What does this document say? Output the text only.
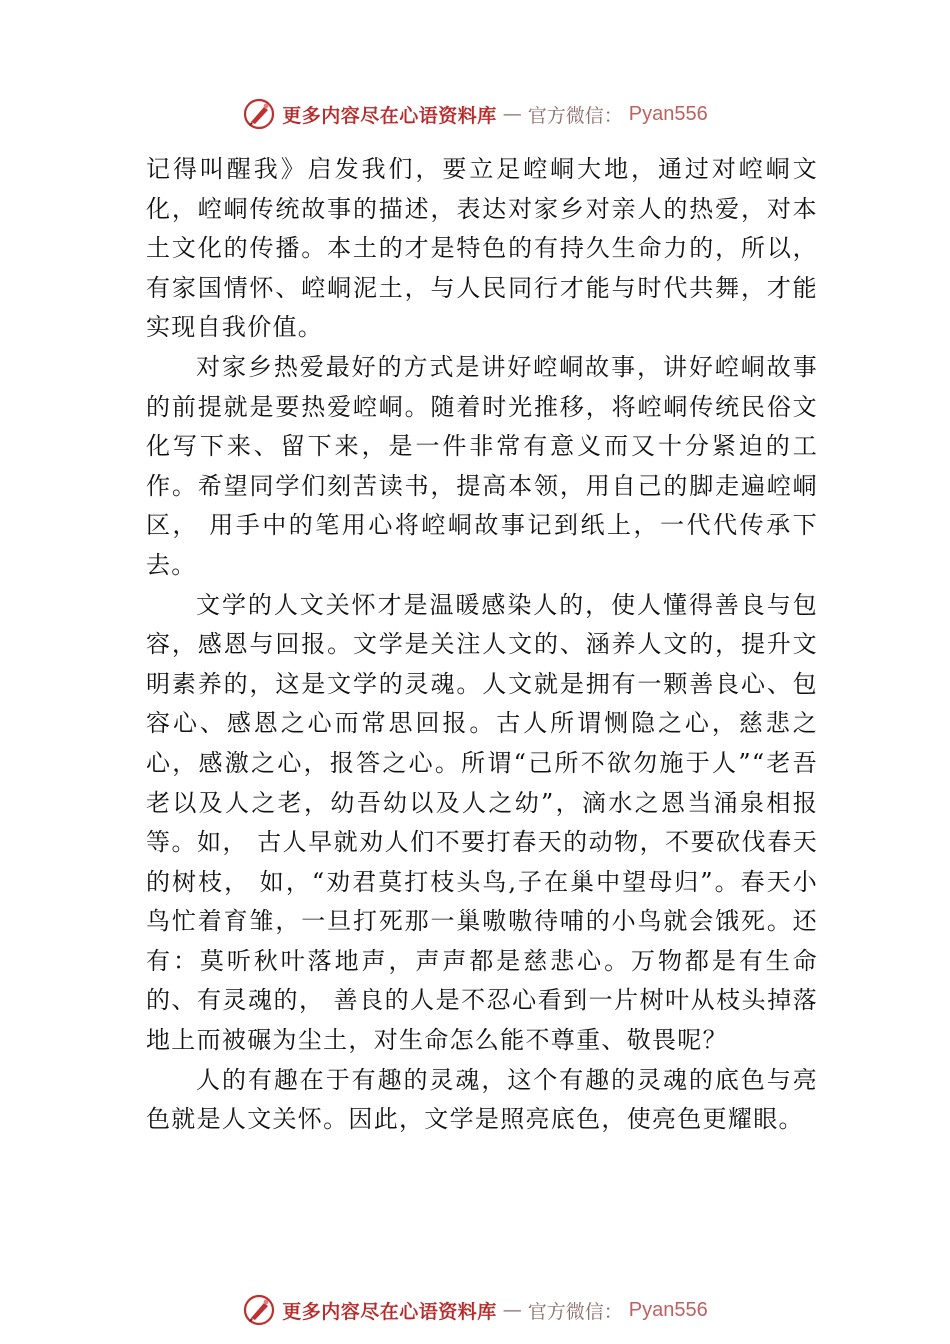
更多内容尽在心语资料库 — 官方微信： Pyan556

记得叫醒我》启发我们，要立足崆峒大地，通过对崆峒文化，崆峒传统故事的描述，表达对家乡对亲人的热爱，对本土文化的传播。本土的才是特色的有持久生命力的，所以，有家国情怀、崆峒泥土，与人民同行才能与时代共舞，才能实现自我价值。

对家乡热爱最好的方式是讲好崆峒故事，讲好崆峒故事的前提就是要热爱崆峒。随着时光推移，将崆峒传统民俗文化写下来、留下来，是一件非常有意义而又十分紧迫的工作。希望同学们刻苦读书，提高本领，用自己的脚走遍崆峒区， 用手中的笔用心将崆峒故事记到纸上，一代代传承下去。

文学的人文关怀才是温暖感染人的，使人懂得善良与包容，感恩与回报。文学是关注人文的、涵养人文的，提升文明素养的，这是文学的灵魂。人文就是拥有一颗善良心、包容心、感恩之心而常思回报。古人所谓恻隐之心，慈悲之心，感激之心，报答之心。所谓“己所不欲勿施于人”“老吾老以及人之老，幼吾幼以及人之幼”，滴水之恩当涌泉相报等。如， 古人早就劝人们不要打春天的动物，不要砍伐春天的树枝， 如，“劝君莫打枝头鸟,子在巢中望母归”。春天小鸟忙着育雏，一旦打死那一巢嗷嗷待哺的小鸟就会饿死。还有：莫听秋叶落地声，声声都是慈悲心。万物都是有生命的、有灵魂的， 善良的人是不忍心看到一片树叶从枝头掉落地上而被碾为尘土，对生命怎么能不尊重、敬畏呢？

人的有趣在于有趣的灵魂，这个有趣的灵魂的底色与亮色就是人文关怀。因此，文学是照亮底色，使亮色更耀眼。

更多内容尽在心语资料库 — 官方微信： Pyan556
